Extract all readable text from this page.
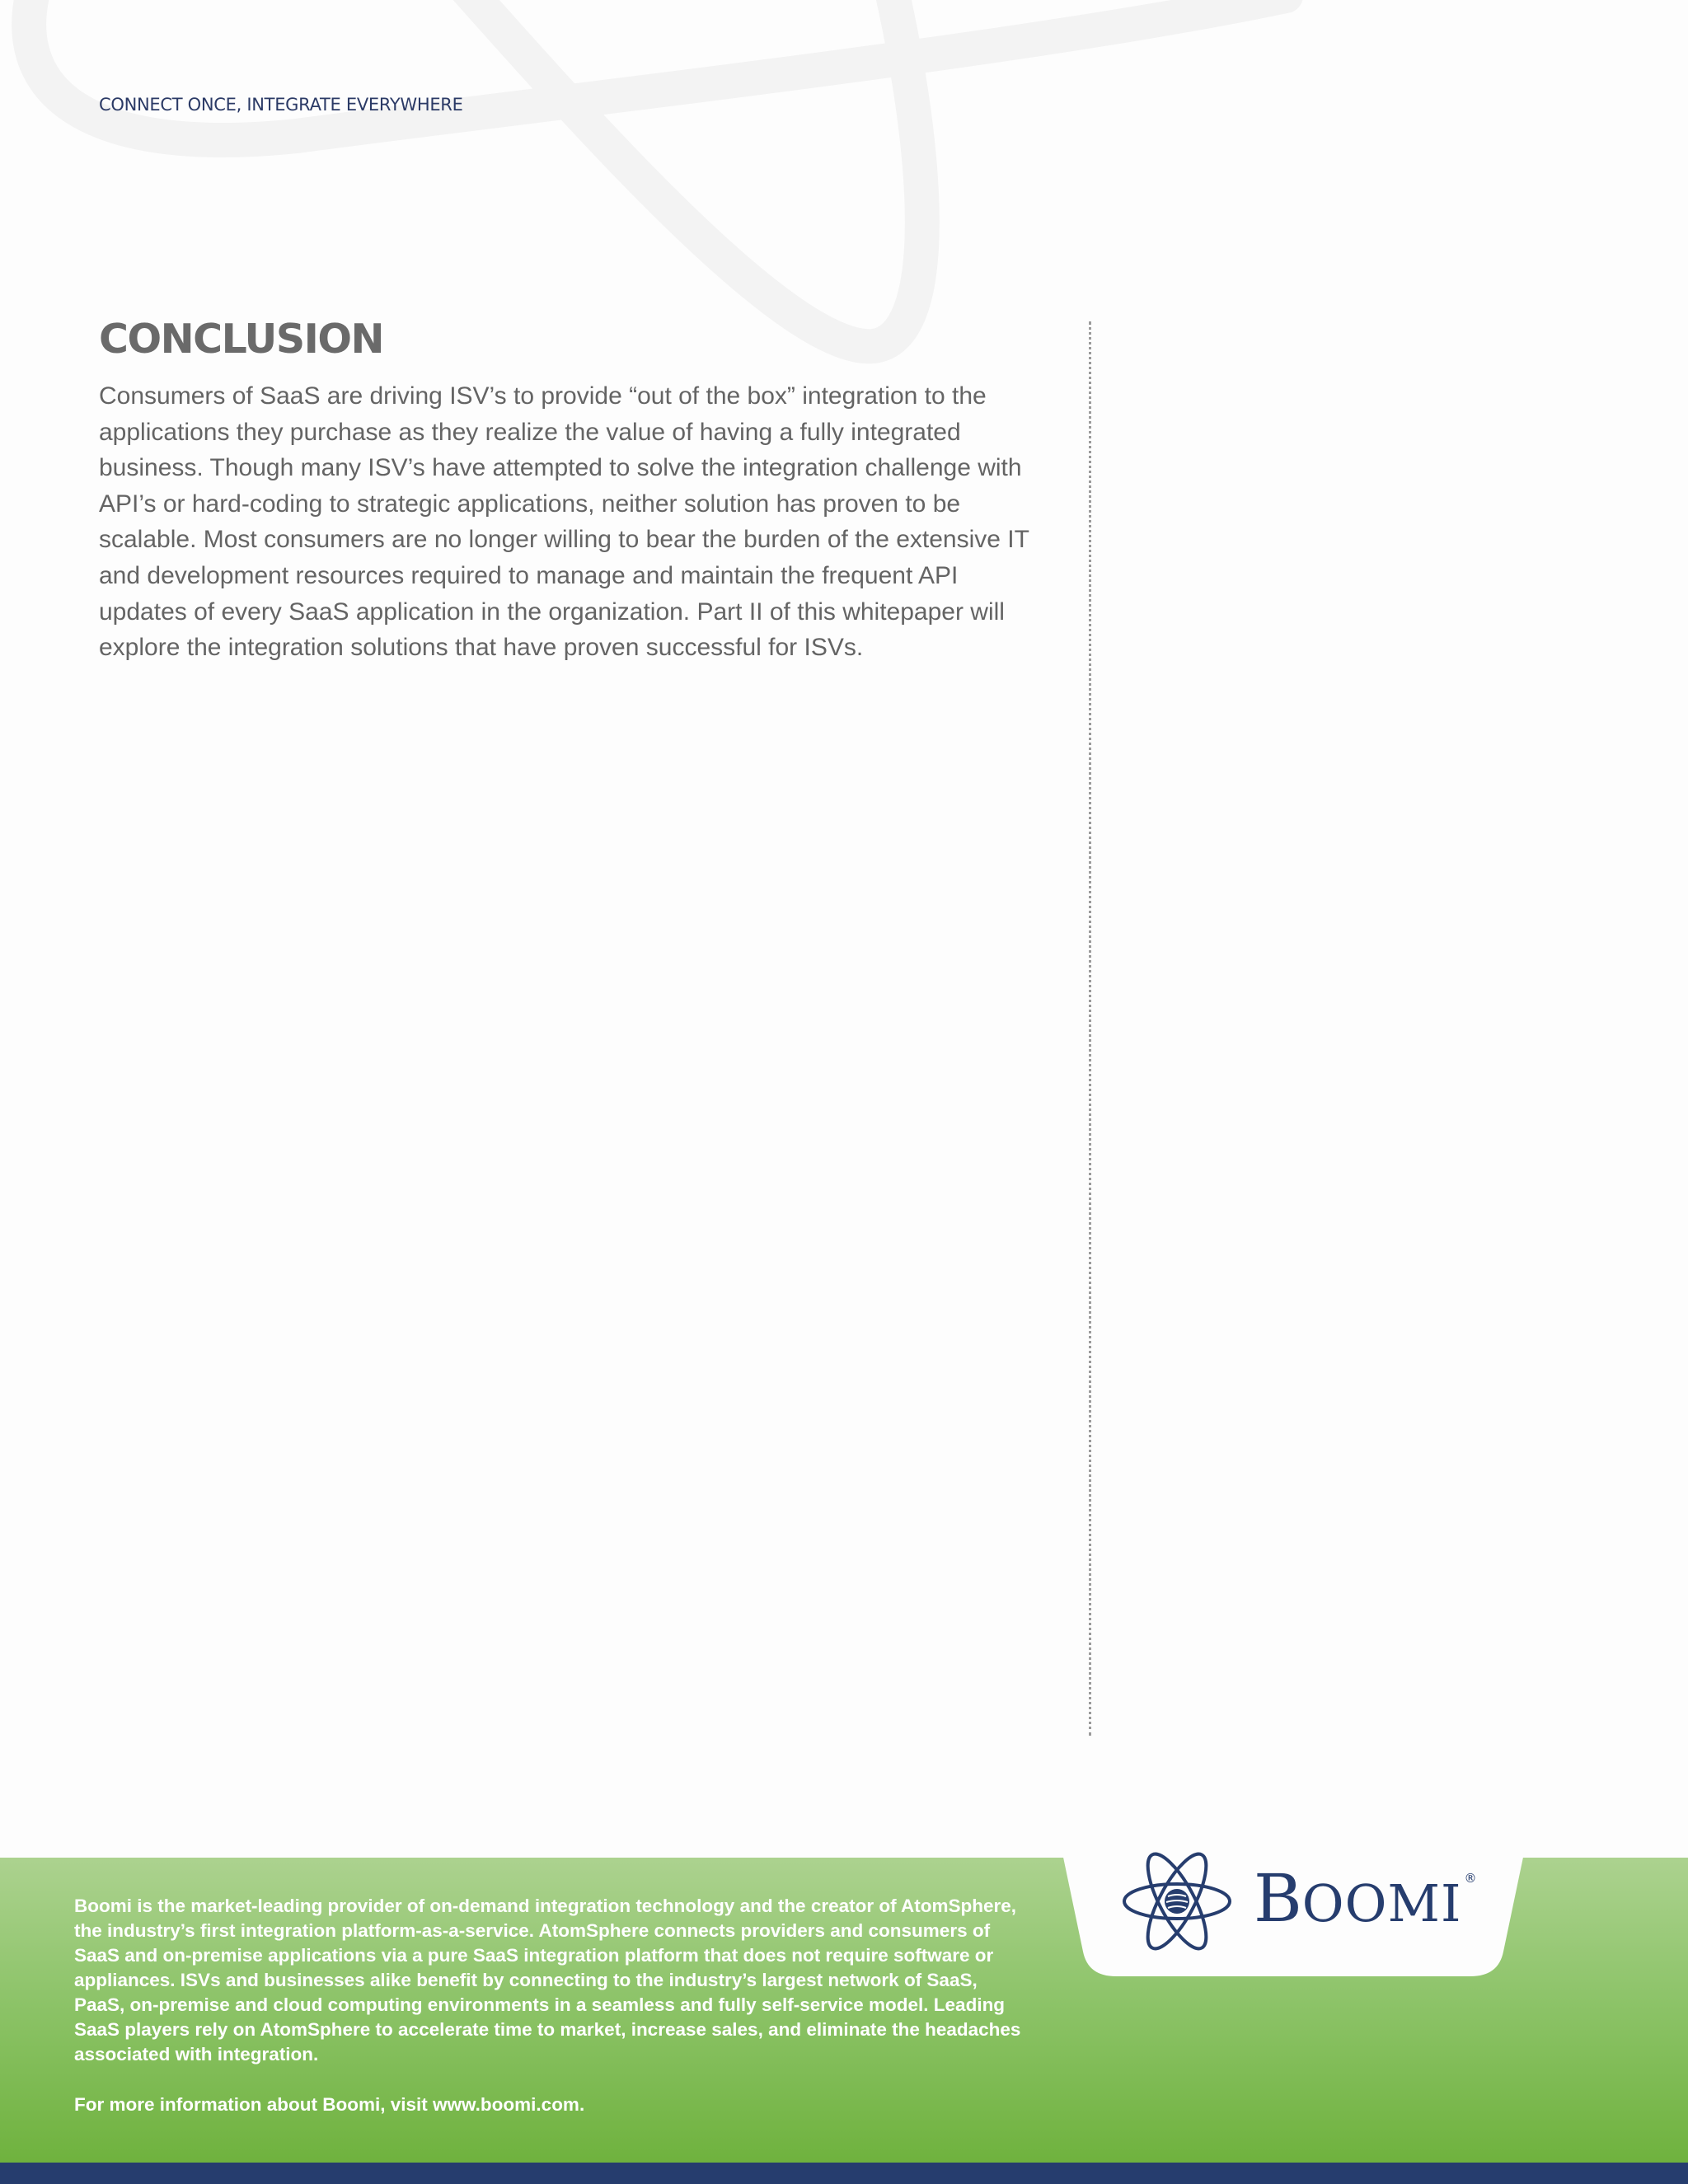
CONNECT ONCE, INTEGRATE EVERYWHERE
CONCLUSION

Consumers of SaaS are driving ISV’s to provide “out of the box” integration to the applications they purchase as they realize the value of having a fully integrated business. Though many ISV’s have attempted to solve the integration challenge with API’s or hard-coding to strategic applications, neither solution has proven to be scalable. Most consumers are no longer willing to bear the burden of the extensive IT and development resources required to manage and maintain the frequent API updates of every SaaS application in the organization. Part II of this whitepaper will explore the integration solutions that have proven successful for ISVs.

BOOMI ®

Boomi is the market-leading provider of on-demand integration technology and the creator of AtomSphere, the industry’s first integration platform-as-a-service. AtomSphere connects providers and consumers of SaaS and on-premise applications via a pure SaaS integration platform that does not require software or appliances. ISVs and businesses alike benefit by connecting to the industry’s largest network of SaaS, PaaS, on-premise and cloud computing environments in a seamless and fully self-service model. Leading SaaS players rely on AtomSphere to accelerate time to market, increase sales, and eliminate the headaches associated with integration.

For more information about Boomi, visit www.boomi.com.
